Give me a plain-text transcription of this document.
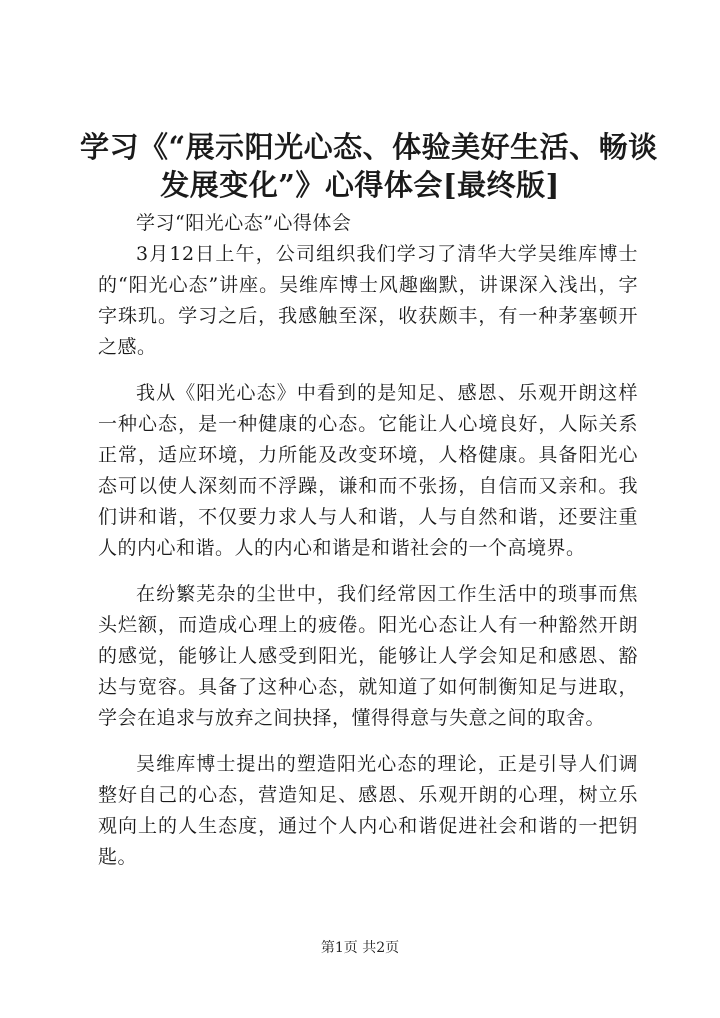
学习《“展示阳光心态、体验美好生活、畅谈
发展变化”》心得体会[最终版]
学习“阳光心态”心得体会

3月12日上午，公司组织我们学习了清华大学吴维库博士的“阳光心态”讲座。吴维库博士风趣幽默，讲课深入浅出，字字珠玑。学习之后，我感触至深，收获颇丰，有一种茅塞顿开之感。

我从《阳光心态》中看到的是知足、感恩、乐观开朗这样一种心态，是一种健康的心态。它能让人心境良好，人际关系正常，适应环境，力所能及改变环境，人格健康。具备阳光心态可以使人深刻而不浮躁，谦和而不张扬，自信而又亲和。我们讲和谐，不仅要力求人与人和谐，人与自然和谐，还要注重人的内心和谐。人的内心和谐是和谐社会的一个高境界。

在纷繁芜杂的尘世中，我们经常因工作生活中的琐事而焦头烂额，而造成心理上的疲倦。阳光心态让人有一种豁然开朗的感觉，能够让人感受到阳光，能够让人学会知足和感恩、豁达与宽容。具备了这种心态，就知道了如何制衡知足与进取，学会在追求与放弃之间抉择，懂得得意与失意之间的取舍。

吴维库博士提出的塑造阳光心态的理论，正是引导人们调整好自己的心态，营造知足、感恩、乐观开朗的心理，树立乐观向上的人生态度，通过个人内心和谐促进社会和谐的一把钥匙。

第1页 共2页
